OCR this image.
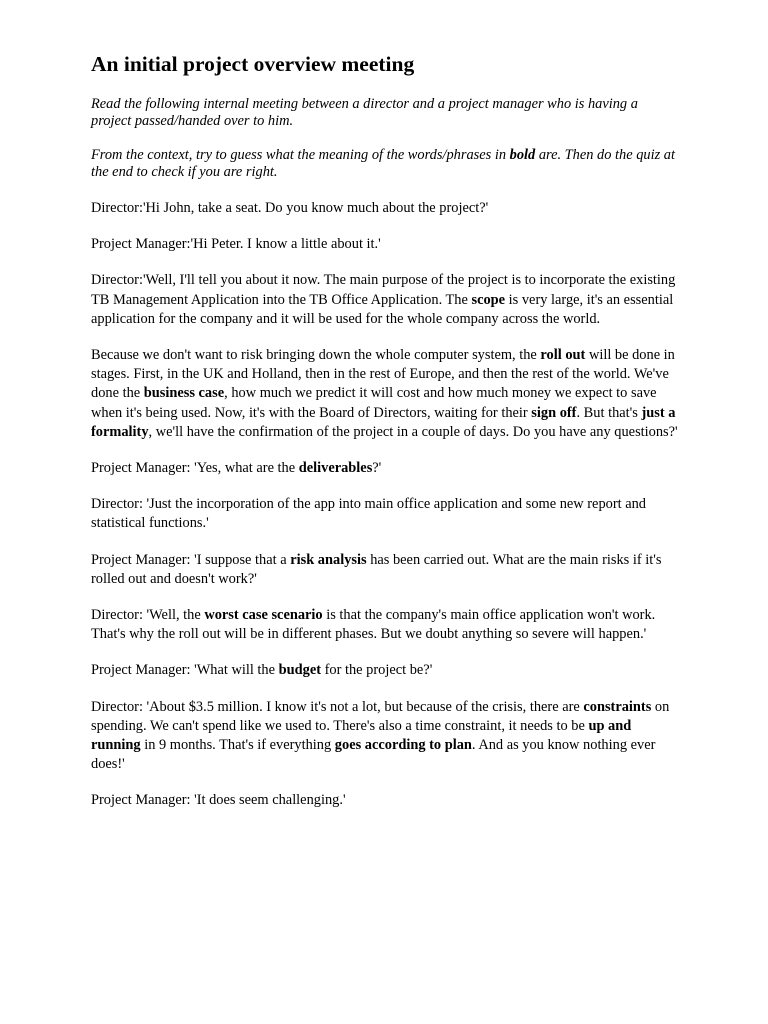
An initial project overview meeting

Read the following internal meeting between a director and a project manager who is having a project passed/handed over to him.

From the context, try to guess what the meaning of the words/phrases in bold are. Then do the quiz at the end to check if you are right.

Director:'Hi John, take a seat. Do you know much about the project?'

Project Manager:'Hi Peter. I know a little about it.'

Director:'Well, I'll tell you about it now. The main purpose of the project is to incorporate the existing TB Management Application into the TB Office Application. The scope is very large, it's an essential application for the company and it will be used for the whole company across the world.

Because we don't want to risk bringing down the whole computer system, the roll out will be done in stages. First, in the UK and Holland, then in the rest of Europe, and then the rest of the world. We've done the business case, how much we predict it will cost and how much money we expect to save when it's being used. Now, it's with the Board of Directors, waiting for their sign off. But that's just a formality, we'll have the confirmation of the project in a couple of days. Do you have any questions?'

Project Manager: 'Yes, what are the deliverables?'

Director: 'Just the incorporation of the app into main office application and some new report and statistical functions.'

Project Manager: 'I suppose that a risk analysis has been carried out. What are the main risks if it's rolled out and doesn't work?'

Director: 'Well, the worst case scenario is that the company's main office application won't work. That's why the roll out will be in different phases. But we doubt anything so severe will happen.'

Project Manager: 'What will the budget for the project be?'

Director: 'About $3.5 million. I know it's not a lot, but because of the crisis, there are constraints on spending. We can't spend like we used to. There's also a time constraint, it needs to be up and running in 9 months. That's if everything goes according to plan. And as you know nothing ever does!'

Project Manager: 'It does seem challenging.'
